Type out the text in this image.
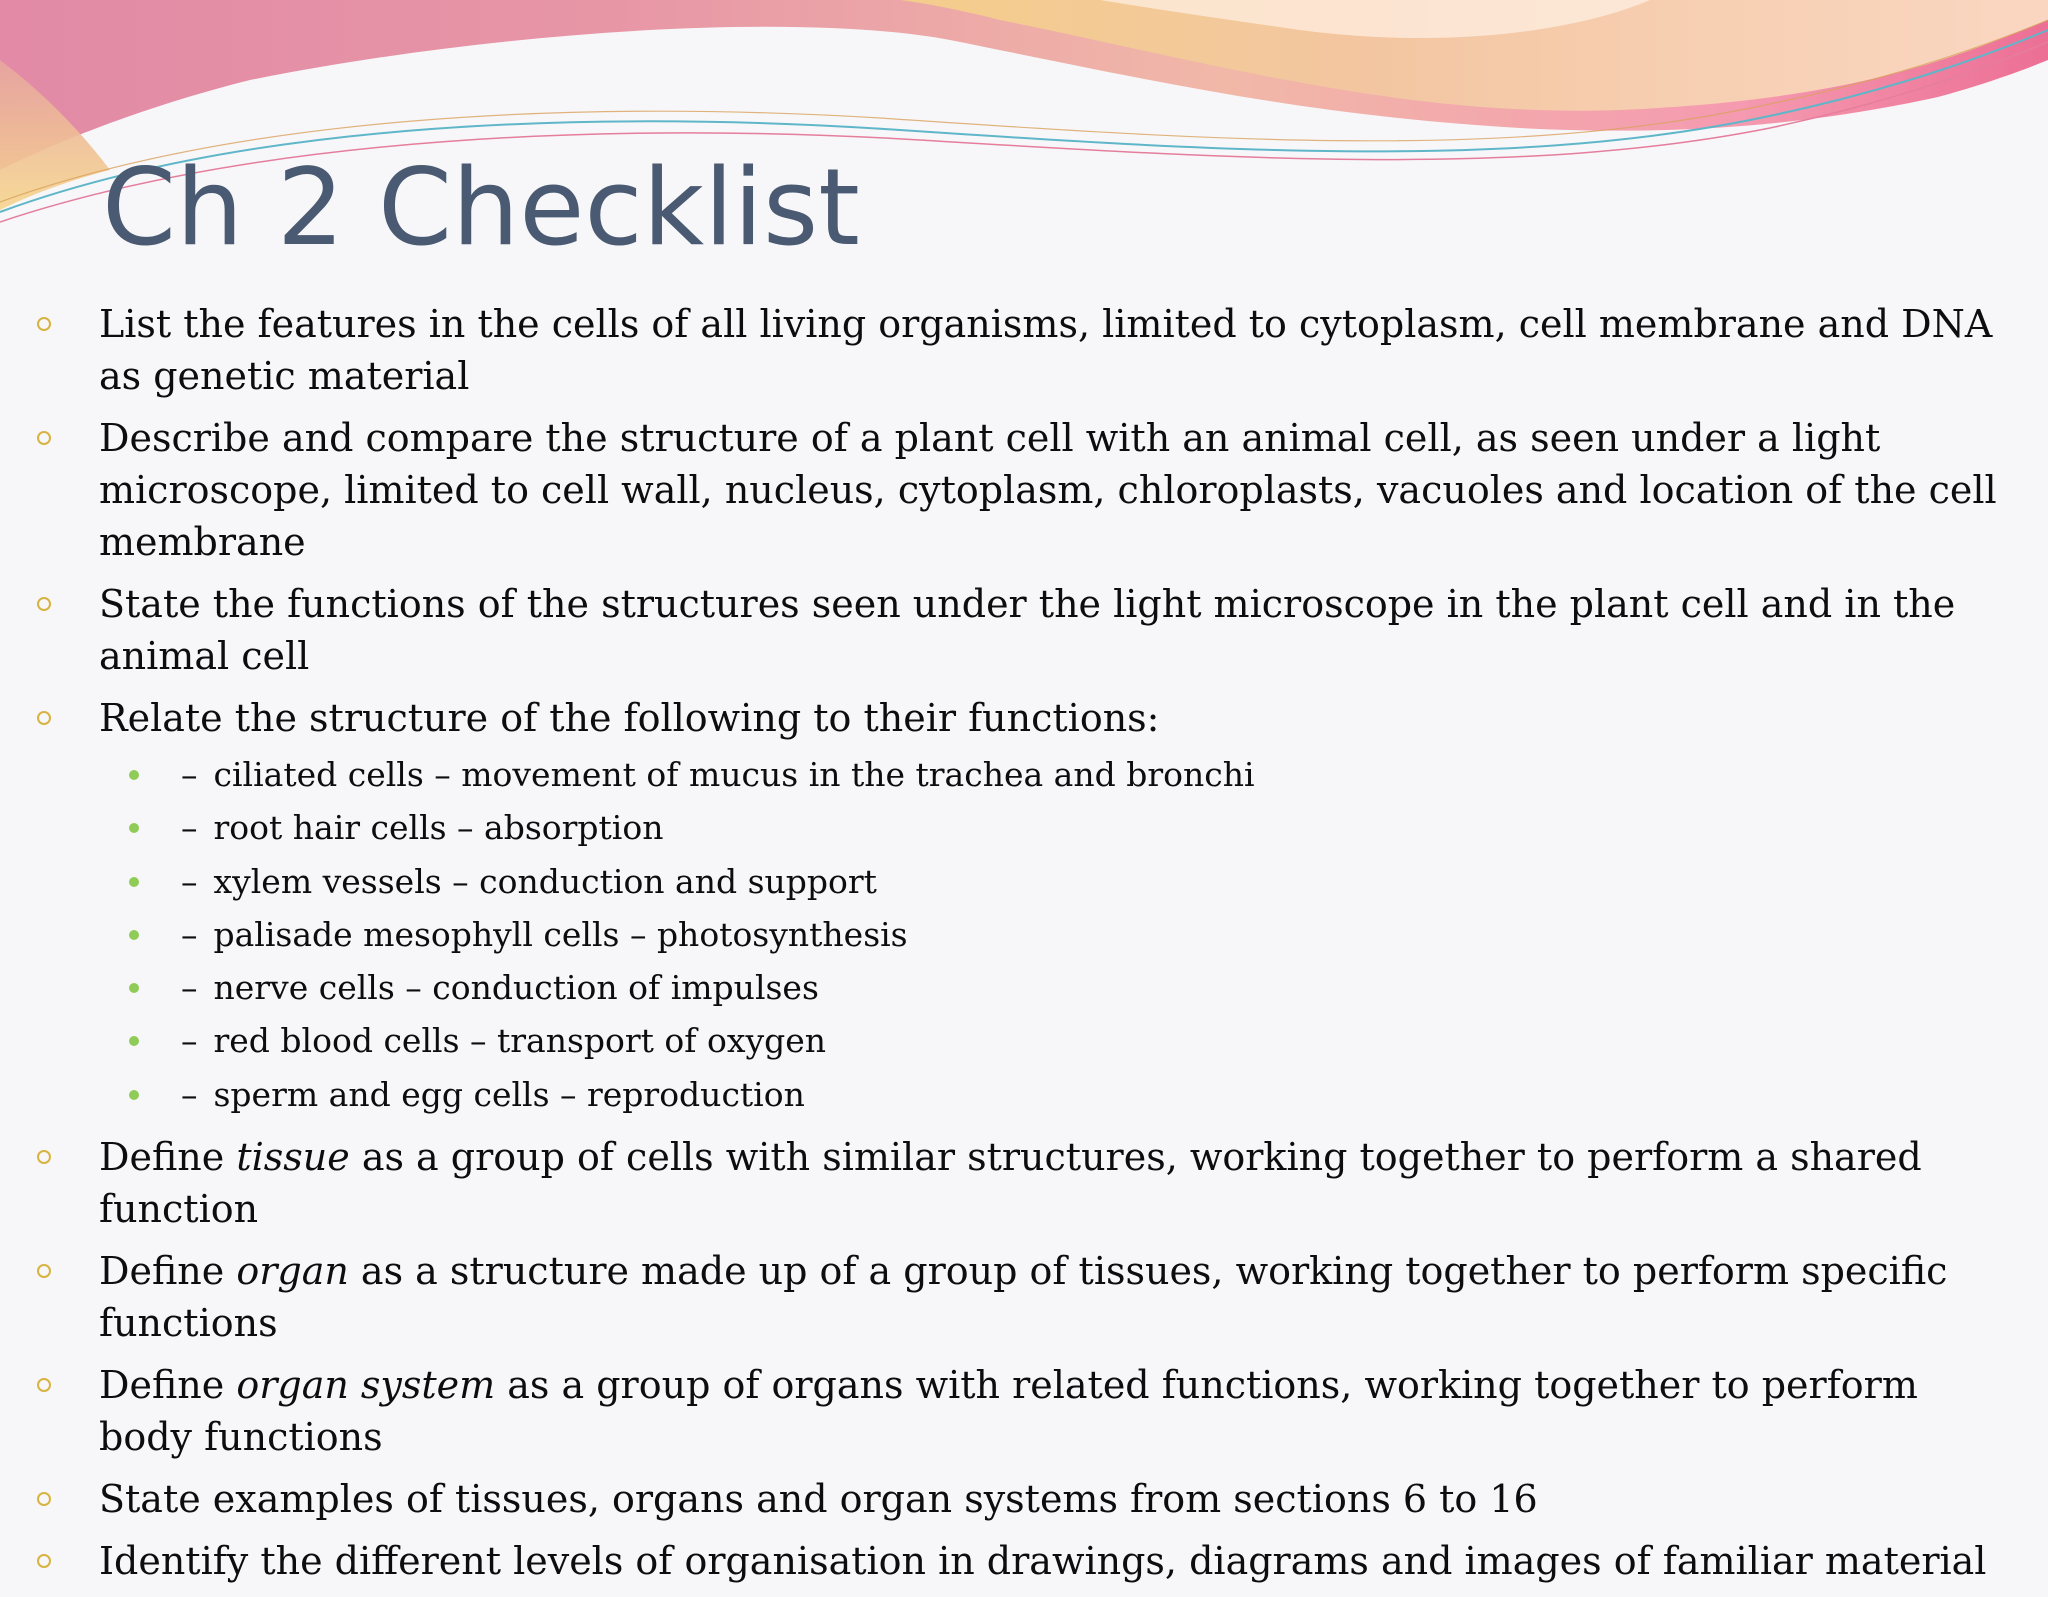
Ch 2 Checklist
List the features in the cells of all living organisms, limited to cytoplasm, cell membrane and DNA as genetic material
Describe and compare the structure of a plant cell with an animal cell, as seen under a light microscope, limited to cell wall, nucleus, cytoplasm, chloroplasts, vacuoles and location of the cell membrane
State the functions of the structures seen under the light microscope in the plant cell and in the animal cell
Relate the structure of the following to their functions:
– ciliated cells – movement of mucus in the trachea and bronchi
– root hair cells – absorption
– xylem vessels – conduction and support
– palisade mesophyll cells – photosynthesis
– nerve cells – conduction of impulses
– red blood cells – transport of oxygen
– sperm and egg cells – reproduction
Define tissue as a group of cells with similar structures, working together to perform a shared function
Define organ as a structure made up of a group of tissues, working together to perform specific functions
Define organ system as a group of organs with related functions, working together to perform body functions
State examples of tissues, organs and organ systems from sections 6 to 16
Identify the different levels of organisation in drawings, diagrams and images of familiar material
